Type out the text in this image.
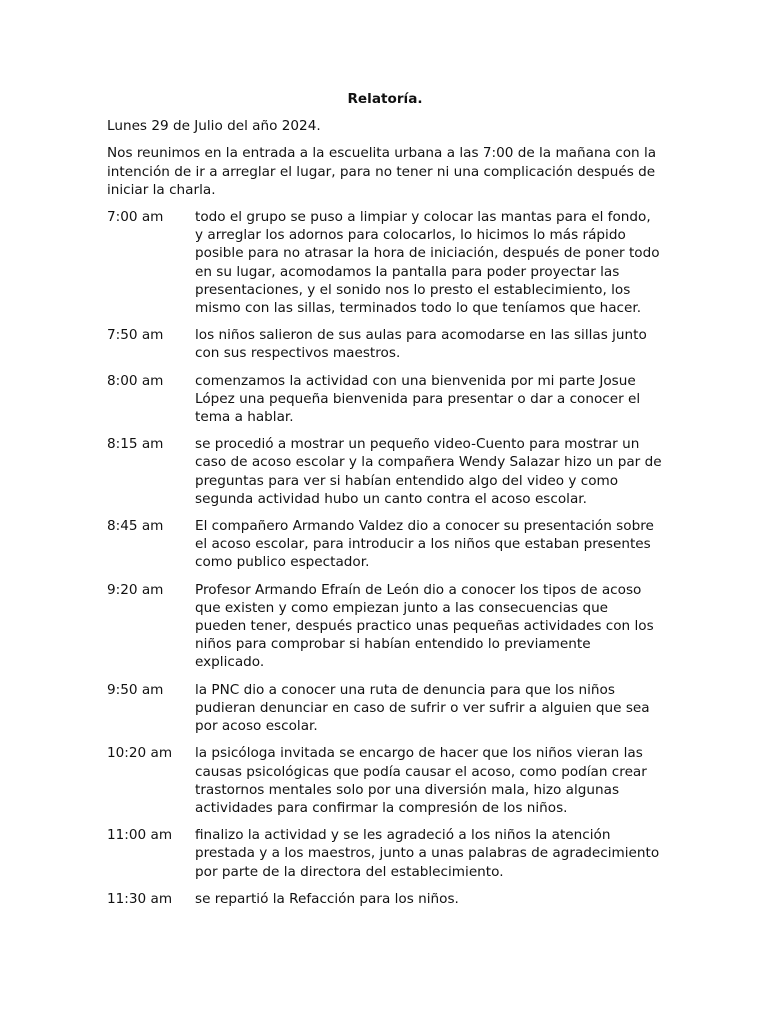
Relatoría.
Lunes 29 de Julio del año 2024.
Nos reunimos en la entrada a la escuelita urbana a las 7:00 de la mañana con la intención de ir a arreglar el lugar, para no tener ni una complicación después de iniciar la charla.
7:00 am	todo el grupo se puso a limpiar y colocar las mantas para el fondo, y arreglar los adornos para colocarlos, lo hicimos lo más rápido posible para no atrasar la hora de iniciación, después de poner todo en su lugar, acomodamos la pantalla para poder proyectar las presentaciones, y el sonido nos lo presto el establecimiento, los mismo con las sillas, terminados todo lo que teníamos que hacer.
7:50 am	los niños salieron de sus aulas para acomodarse en las sillas junto con sus respectivos maestros.
8:00 am	comenzamos la actividad con una bienvenida por mi parte Josue López una pequeña bienvenida para presentar o dar a conocer el tema a hablar.
8:15 am	se procedió a mostrar un pequeño video-Cuento para mostrar un caso de acoso escolar y la compañera Wendy Salazar hizo un par de preguntas para ver si habían entendido algo del video y como segunda actividad hubo un canto contra el acoso escolar.
8:45 am	El compañero Armando Valdez dio a conocer su presentación sobre el acoso escolar, para introducir a los niños que estaban presentes como publico espectador.
9:20 am	Profesor Armando Efraín de León dio a conocer los tipos de acoso que existen y como empiezan junto a las consecuencias que pueden tener, después practico unas pequeñas actividades con los niños para comprobar si habían entendido lo previamente explicado.
9:50 am	la PNC dio a conocer una ruta de denuncia para que los niños pudieran denunciar en caso de sufrir o ver sufrir a alguien que sea por acoso escolar.
10:20 am	la psicóloga invitada se encargo de hacer que los niños vieran las causas psicológicas que podía causar el acoso, como podían crear trastornos mentales solo por una diversión mala, hizo algunas actividades para confirmar la compresión de los niños.
11:00 am	finalizo la actividad y se les agradeció a los niños la atención prestada y a los maestros, junto a unas palabras de agradecimiento por parte de la directora del establecimiento.
11:30 am	se repartió la Refacción para los niños.
